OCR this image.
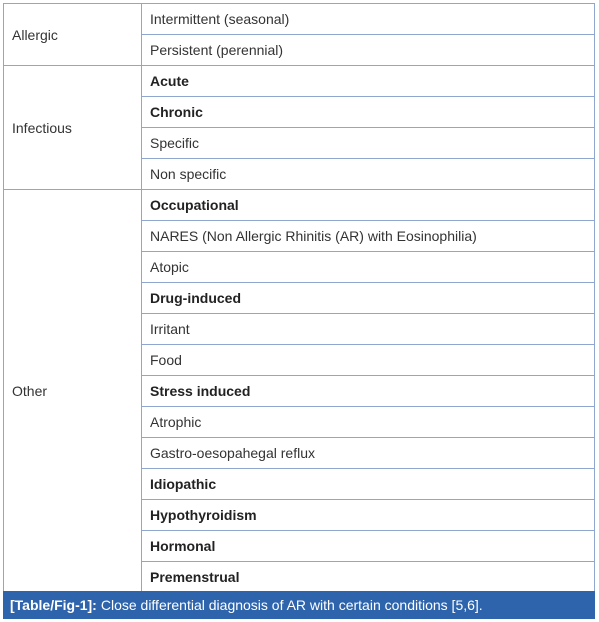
Allergic	Intermittent (seasonal)
	Persistent (perennial)
Infectious	Acute
	Chronic
	Specific
	Non specific
Other	Occupational
	NARES (Non Allergic Rhinitis (AR) with Eosinophilia)
	Atopic
	Drug-induced
	Irritant
	Food
	Stress induced
	Atrophic
	Gastro-oesopahegal reflux
	Idiopathic
	Hypothyroidism
	Hormonal
	Premenstrual
[Table/Fig-1]: Close differential diagnosis of AR with certain conditions [5,6].
